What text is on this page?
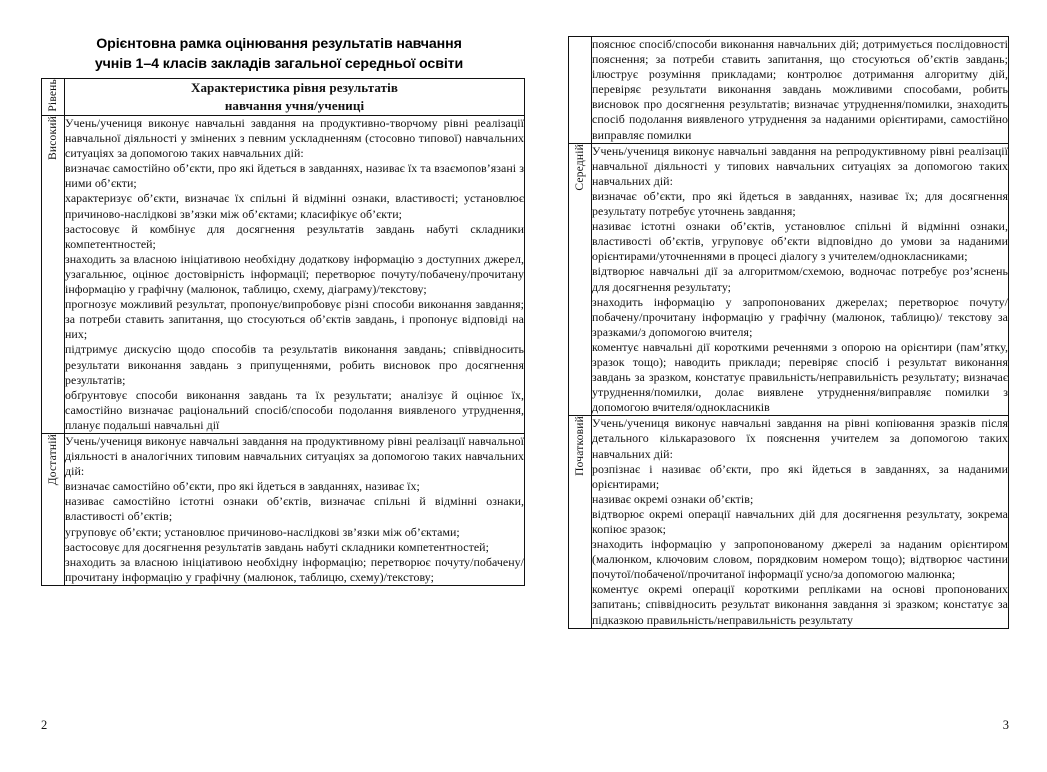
Орієнтовна рамка оцінювання результатів навчання
учнів 1–4 класів закладів загальної середньої освіти
Рівень	Характеристика рівня результатів
навчання учня/учениці

Високий	Учень/учениця виконує навчальні завдання на продуктивно-творчому рівні реалізації навчальної діяльності у змінених з певним ускладненням (стосовно типової) навчальних ситуаціях за допомогою таких навчальних дій:

визначає самостійно об’єкти, про які йдеться в завданнях, називає їх та взаємопов’язані з ними об’єкти;

характеризує об’єкти, визначає їх спільні й відмінні ознаки, властивості; установлює причиново-наслідкові зв’язки між об’єктами; класифікує об’єкти;

застосовує й комбінує для досягнення результатів завдань набуті складники компетентностей;

знаходить за власною ініціативою необхідну додаткову інформацію з доступних джерел, узагальнює, оцінює достовірність інформації; перетворює почуту/побачену/прочитану інформацію у графічну (малюнок, таблицю, схему, діаграму)/текстову;

прогнозує можливий результат, пропонує/випробовує різні способи виконання завдання; за потреби ставить запитання, що стосуються об’єктів завдань, і пропонує відповіді на них;

підтримує дискусію щодо способів та результатів виконання завдань; співвідносить результати виконання завдань з припущеннями, робить висновок про досягнення результатів;

обґрунтовує способи виконання завдань та їх результати; аналізує й оцінює їх, самостійно визначає раціональний спосіб/способи подолання виявленого утруднення, планує подальші навчальні дії

Достатній	Учень/учениця виконує навчальні завдання на продуктивному рівні реалізації навчальної діяльності в аналогічних типовим навчальних ситуаціях за допомогою таких навчальних дій:

визначає самостійно об’єкти, про які йдеться в завданнях, називає їх;

називає самостійно істотні ознаки об’єктів, визначає спільні й відмінні ознаки, властивості об’єктів;

угруповує об’єкти; установлює причиново-наслідкові зв’язки між об’єктами;

застосовує для досягнення результатів завдань набуті складники компетентностей;

знаходить за власною ініціативою необхідну інформацію; перетворює почуту/побачену/прочитану інформацію у графічну (малюнок, таблицю, схему)/текстову;

2

	пояснює спосіб/способи виконання навчальних дій; дотримується послідовності пояснення; за потреби ставить запитання, що стосуються об’єктів завдань; ілюструє розуміння прикладами; контролює дотримання алгоритму дій, перевіряє результати виконання завдань можливими способами, робить висновок про досягнення результатів; визначає утруднення/помилки, знаходить спосіб подолання виявленого утруднення за наданими орієнтирами, самостійно виправляє помилки

Середній	Учень/учениця виконує навчальні завдання на репродуктивному рівні реалізації навчальної діяльності у типових навчальних ситуаціях за допомогою таких навчальних дій:

визначає об’єкти, про які йдеться в завданнях, називає їх; для досягнення результату потребує уточнень завдання;

називає істотні ознаки об’єктів, установлює спільні й відмінні ознаки, властивості об’єктів, угруповує об’єкти відповідно до умови за наданими орієнтирами/уточненнями в процесі діалогу з учителем/однокласниками;

відтворює навчальні дії за алгоритмом/схемою, водночас потребує роз’яснень для досягнення результату;

знаходить інформацію у запропонованих джерелах; перетворює почуту/побачену/прочитану інформацію у графічну (малюнок, таблицю)/ текстову за зразками/з допомогою вчителя;

коментує навчальні дії короткими реченнями з опорою на орієнтири (пам’ятку, зразок тощо); наводить приклади; перевіряє спосіб і результат виконання завдань за зразком, констатує правильність/неправильність результату; визначає утруднення/помилки, долає виявлене утруднення/виправляє помилки з допомогою вчителя/однокласників

Початковий	Учень/учениця виконує навчальні завдання на рівні копіювання зразків після детального кількаразового їх пояснення учителем за допомогою таких навчальних дій:

розпізнає і називає об’єкти, про які йдеться в завданнях, за наданими орієнтирами;

називає окремі ознаки об’єктів;

відтворює окремі операції навчальних дій для досягнення результату, зокрема копіює зразок;

знаходить інформацію у запропонованому джерелі за наданим орієнтиром (малюнком, ключовим словом, порядковим номером тощо); відтворює частини почутої/побаченої/прочитаної інформації усно/за допомогою малюнка;

коментує окремі операції короткими репліками на основі пропонованих запитань; співвідносить результат виконання завдання зі зразком; констатує за підказкою правильність/неправильність результату

3
